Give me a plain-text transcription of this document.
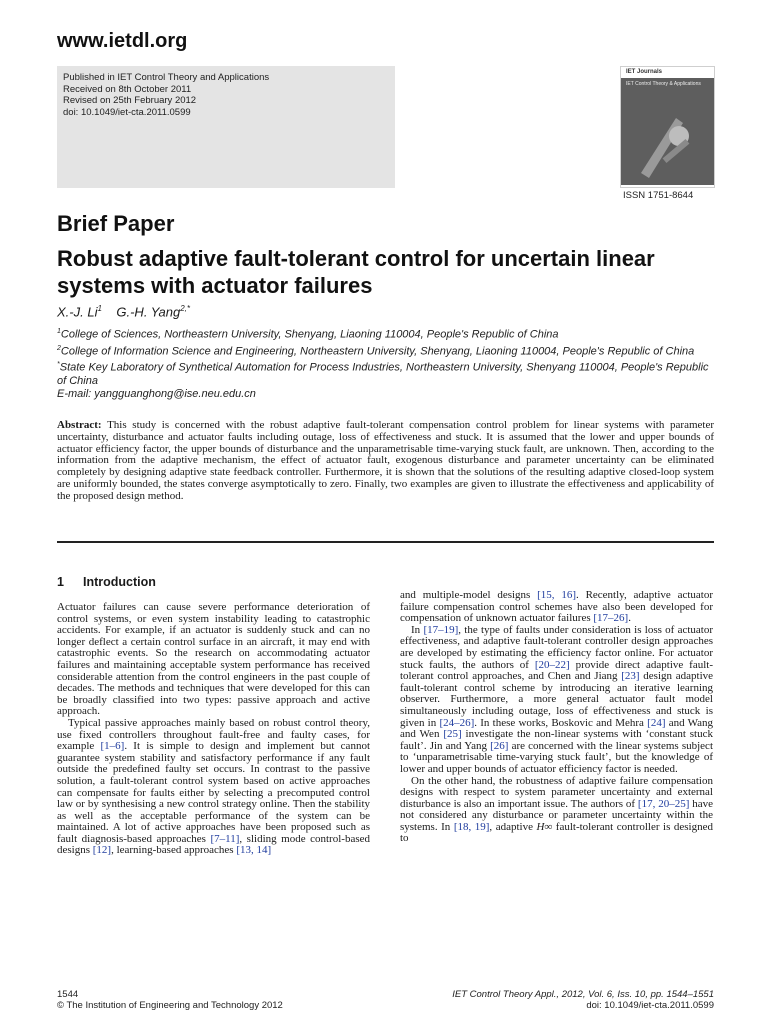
www.ietdl.org
Published in IET Control Theory and Applications
Received on 8th October 2011
Revised on 25th February 2012
doi: 10.1049/iet-cta.2011.0599
IET Journals
IET Control Theory & Applications
ISSN 1751-8644
Brief Paper
Robust adaptive fault-tolerant control for uncertain linear systems with actuator failures
X.-J. Li$^1$ G.-H. Yang$^{2,*}$
$^1$College of Sciences, Northeastern University, Shenyang, Liaoning 110004, People's Republic of China
$^2$College of Information Science and Engineering, Northeastern University, Shenyang, Liaoning 110004, People's Republic of China
*State Key Laboratory of Synthetical Automation for Process Industries, Northeastern University, Shenyang 110004, People's Republic of China
E-mail: yangguanghong@ise.neu.edu.cn
Abstract: This study is concerned with the robust adaptive fault-tolerant compensation control problem for linear systems with parameter uncertainty, disturbance and actuator faults including outage, loss of effectiveness and stuck. It is assumed that the lower and upper bounds of actuator efficiency factor, the upper bounds of disturbance and the unparametrisable time-varying stuck fault, are unknown. Then, according to the information from the adaptive mechanism, the effect of actuator fault, exogenous disturbance and parameter uncertainty can be eliminated completely by designing adaptive state feedback controller. Furthermore, it is shown that the solutions of the resulting adaptive closed-loop system are uniformly bounded, the states converge asymptotically to zero. Finally, two examples are given to illustrate the effectiveness and applicability of the proposed design method.
1 Introduction

Actuator failures can cause severe performance deterioration of control systems, or even system instability leading to catastrophic accidents. For example, if an actuator is suddenly stuck and can no longer deflect a certain control surface in an aircraft, it may end with catastrophic events. So the research on accommodating actuator failures and maintaining acceptable system performance has received considerable attention from the control engineers in the past couple of decades. The methods and techniques that were developed for this can be broadly classified into two types: passive approach and active approach.

Typical passive approaches mainly based on robust control theory, use fixed controllers throughout fault-free and faulty cases, for example [1–6]. It is simple to design and implement but cannot guarantee system stability and satisfactory performance if any fault outside the predefined faulty set occurs. In contrast to the passive solution, a fault-tolerant control system based on active approaches can compensate for faults either by selecting a precomputed control law or by synthesising a new control strategy online. Then the stability as well as the acceptable performance of the system can be maintained. A lot of active approaches have been proposed such as fault diagnosis-based approaches [7–11], sliding mode control-based designs [12], learning-based approaches [13, 14]

and multiple-model designs [15, 16]. Recently, adaptive actuator failure compensation control schemes have also been developed for compensation of unknown actuator failures [17–26].

In [17–19], the type of faults under consideration is loss of actuator effectiveness, and adaptive fault-tolerant controller design approaches are developed by estimating the efficiency factor online. For actuator stuck faults, the authors of [20–22] provide direct adaptive fault-tolerant control approaches, and Chen and Jiang [23] design adaptive fault-tolerant control scheme by introducing an iterative learning observer. Furthermore, a more general actuator fault model simultaneously including outage, loss of effectiveness and stuck is given in [24–26]. In these works, Boskovic and Mehra [24] and Wang and Wen [25] investigate the non-linear systems with ‘constant stuck fault’. Jin and Yang [26] are concerned with the linear systems subject to ‘unparametrisable time-varying stuck fault’, but the knowledge of lower and upper bounds of actuator efficiency factor is needed.

On the other hand, the robustness of adaptive failure compensation designs with respect to system parameter uncertainty and external disturbance is also an important issue. The authors of [17, 20–25] have not considered any disturbance or parameter uncertainty within the systems. In [18, 19], adaptive H∞ fault-tolerant controller is designed to

1544
© The Institution of Engineering and Technology 2012
IET Control Theory Appl., 2012, Vol. 6, Iss. 10, pp. 1544–1551
doi: 10.1049/iet-cta.2011.0599
